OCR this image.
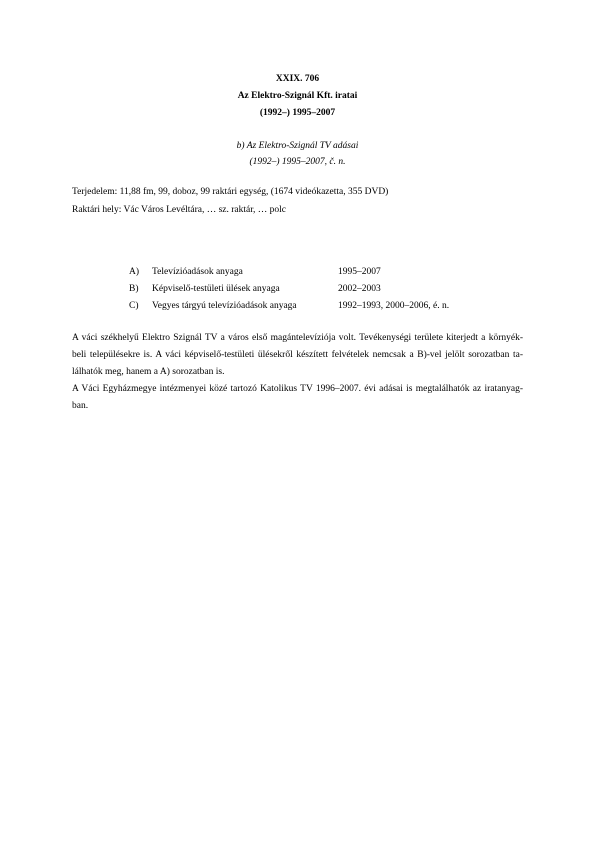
XXIX. 706
Az Elektro-Szignál Kft. iratai
(1992–) 1995–2007
b) Az Elektro-Szignál TV adásai
(1992–) 1995–2007, č. n.
Terjedelem: 11,88 fm, 99, doboz, 99 raktári egység, (1674 videókazetta, 355 DVD)
Raktári hely: Vác Város Levéltára, … sz. raktár, … polc
A) Televízióadások anyaga	1995–2007
B) Képviselő-testületi ülések anyaga	2002–2003
C) Vegyes tárgyú televízióadások anyaga	1992–1993, 2000–2006, é. n.
A váci székhelyű Elektro Szignál TV a város első magántelevíziója volt. Tevékenységi területe kiterjedt a környék-
beli településekre is. A váci képviselő-testületi ülésekről készített felvételek nemcsak a B)-vel jelölt sorozatban ta-
lálhatók meg, hanem a A) sorozatban is.
A Váci Egyházmegye intézmenyei közé tartozó Katolikus TV 1996–2007. évi adásai is megtalálhatók az iratanyag-
ban.
